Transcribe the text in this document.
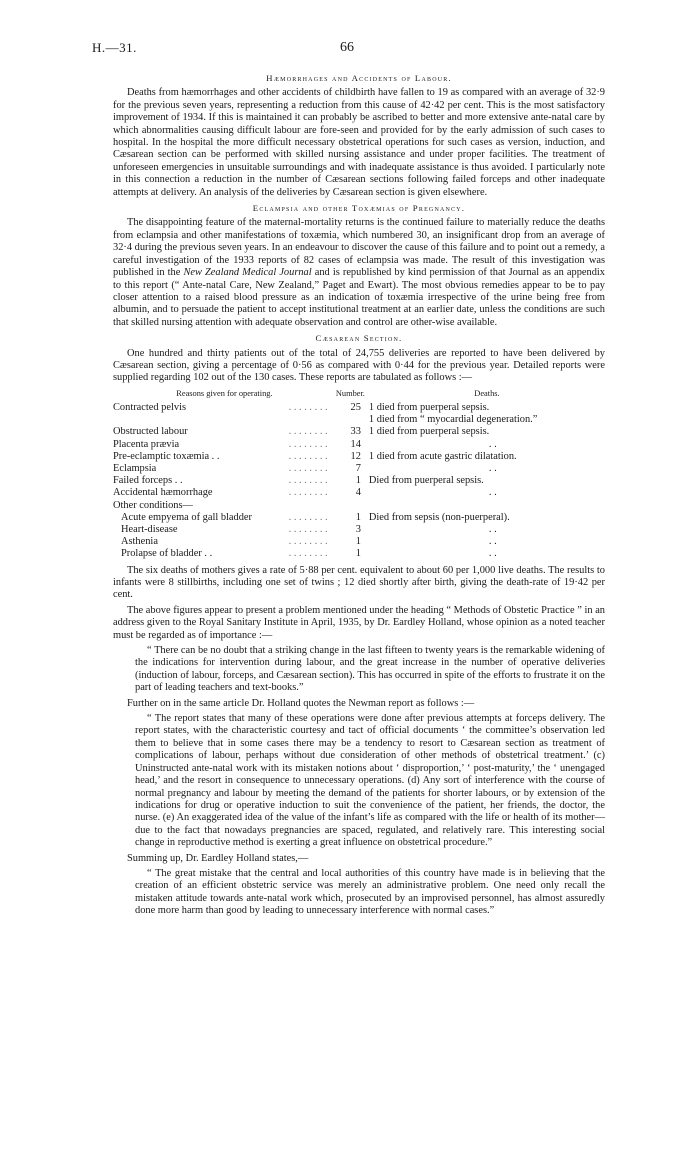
H.—31.	66
Hæmorrhages and Accidents of Labour.

Deaths from hæmorrhages and other accidents of childbirth have fallen to 19 as compared with an average of 32·9 for the previous seven years, representing a reduction from this cause of 42·42 per cent. This is the most satisfactory improvement of 1934. If this is maintained it can probably be ascribed to better and more extensive ante-natal care by which abnormalities causing difficult labour are fore-seen and provided for by the early admission of such cases to hospital. In the hospital the more difficult necessary obstetrical operations for such cases as version, induction, and Cæsarean section can be performed with skilled nursing assistance and under proper facilities. The treatment of unforeseen emergencies in unsuitable surroundings and with inadequate assistance is thus avoided. I particularly note in this connection a reduction in the number of Cæsarean sections following failed forceps and other inadequate attempts at delivery. An analysis of the deliveries by Cæsarean section is given elsewhere.

Eclampsia and other Toxæmias of Pregnancy.

The disappointing feature of the maternal-mortality returns is the continued failure to materially reduce the deaths from eclampsia and other manifestations of toxæmia, which numbered 30, an insignificant drop from an average of 32·4 during the previous seven years. In an endeavour to discover the cause of this failure and to point out a remedy, a careful investigation of the 1933 reports of 82 cases of eclampsia was made. The result of this investigation was published in the New Zealand Medical Journal and is republished by kind permission of that Journal as an appendix to this report (“ Ante-natal Care, New Zealand,” Paget and Ewart). The most obvious remedies appear to be to pay closer attention to a raised blood pressure as an indication of toxæmia irrespective of the urine being free from albumin, and to persuade the patient to accept institutional treatment at an earlier date, unless the conditions are such that skilled nursing attention with adequate observation and control are other-wise available.

Cæsarean Section.

One hundred and thirty patients out of the total of 24,755 deliveries are reported to have been delivered by Cæsarean section, giving a percentage of 0·56 as compared with 0·44 for the previous year. Detailed reports were supplied regarding 102 out of the 130 cases. These reports are tabulated as follows :—

Reasons given for operating.		Number.	Deaths.
Contracted pelvis	. . . . . . . .	25	1 died from puerperal sepsis.
			1 died from “ myocardial degeneration.”
Obstructed labour	. . . . . . . .	33	1 died from puerperal sepsis.
Placenta prævia	. . . . . . . .	14	. .
Pre-eclamptic toxæmia . .	. . . . . . . .	12	1 died from acute gastric dilatation.
Eclampsia	. . . . . . . .	7	. .
Failed forceps . .	. . . . . . . .	1	Died from puerperal sepsis.
Accidental hæmorrhage	. . . . . . . .	4	. .
Other conditions—			
Acute empyema of gall bladder	. . . . . . . .	1	Died from sepsis (non-puerperal).
Heart-disease	. . . . . . . .	3	. .
Asthenia	. . . . . . . .	1	. .
Prolapse of bladder . .	. . . . . . . .	1	. .

The six deaths of mothers gives a rate of 5·88 per cent. equivalent to about 60 per 1,000 live deaths. The results to infants were 8 stillbirths, including one set of twins ; 12 died shortly after birth, giving the death-rate of 19·42 per cent.

The above figures appear to present a problem mentioned under the heading “ Methods of Obstetic Practice ” in an address given to the Royal Sanitary Institute in April, 1935, by Dr. Eardley Holland, whose opinion as a noted teacher must be regarded as of importance :—

“ There can be no doubt that a striking change in the last fifteen to twenty years is the remarkable widening of the indications for intervention during labour, and the great increase in the number of operative deliveries (induction of labour, forceps, and Cæsarean section). This has occurred in spite of the efforts to frustrate it on the part of leading teachers and text-books.”

Further on in the same article Dr. Holland quotes the Newman report as follows :—

“ The report states that many of these operations were done after previous attempts at forceps delivery. The report states, with the characteristic courtesy and tact of official documents ‘ the committee’s observation led them to believe that in some cases there may be a tendency to resort to Cæsarean section as treatment of complications of labour, perhaps without due consideration of other methods of obstetrical treatment.’ (c) Uninstructed ante-natal work with its mistaken notions about ‘ disproportion,’ ‘ post-maturity,’ the ‘ unengaged head,’ and the resort in consequence to unnecessary operations. (d) Any sort of interference with the course of normal pregnancy and labour by meeting the demand of the patients for shorter labours, or by extension of the indications for drug or operative induction to suit the convenience of the patient, her friends, the doctor, the nurse. (e) An exaggerated idea of the value of the infant’s life as compared with the life or health of its mother—due to the fact that nowadays pregnancies are spaced, regulated, and relatively rare. This interesting social change in reproductive method is exerting a great influence on obstetrical procedure.”

Summing up, Dr. Eardley Holland states,—

“ The great mistake that the central and local authorities of this country have made is in believing that the creation of an efficient obstetric service was merely an administrative problem. One need only recall the mistaken attitude towards ante-natal work which, prosecuted by an improvised personnel, has almost assuredly done more harm than good by leading to unnecessary interference with normal cases.”
